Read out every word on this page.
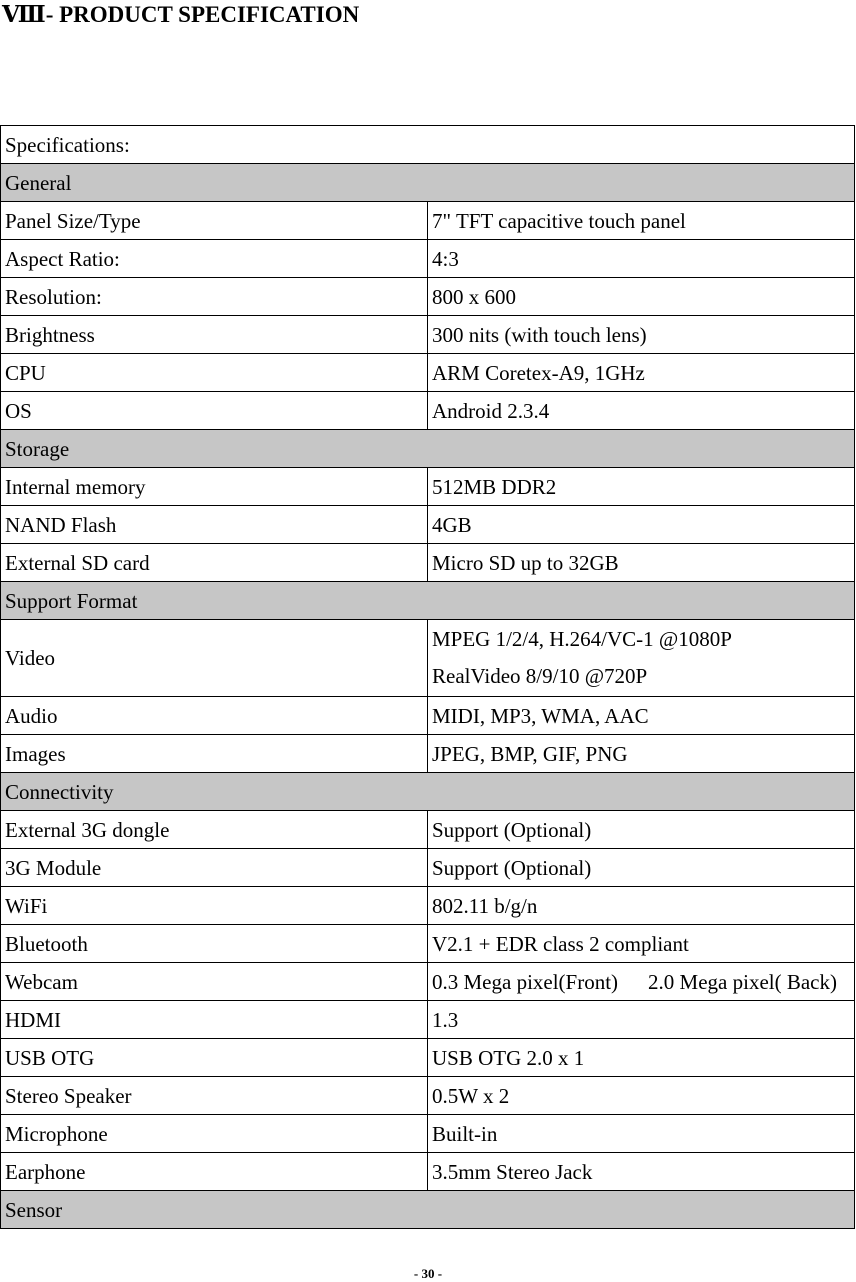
Ⅷ- PRODUCT SPECIFICATION
Specifications:	
General	
Panel Size/Type	7" TFT capacitive touch panel
Aspect Ratio:	4:3
Resolution:	800 x 600
Brightness	300 nits (with touch lens)
CPU	ARM Coretex-A9, 1GHz
OS	Android 2.3.4
Storage	
Internal memory	512MB DDR2
NAND Flash	4GB
External SD card	Micro SD up to 32GB
Support Format	
Video	MPEG 1/2/4, H.264/VC-1 @1080P
RealVideo 8/9/10 @720P

Audio	MIDI, MP3, WMA, AAC
Images	JPEG, BMP, GIF, PNG
Connectivity	
External 3G dongle	Support (Optional)
3G Module	Support (Optional)
WiFi	802.11 b/g/n
Bluetooth	V2.1 + EDR class 2 compliant
Webcam	0.3 Mega pixel(Front) 2.0 Mega pixel( Back)
HDMI	1.3
USB OTG	USB OTG 2.0 x 1
Stereo Speaker	0.5W x 2
Microphone	Built-in
Earphone	3.5mm Stereo Jack
Sensor	
- 30 -
